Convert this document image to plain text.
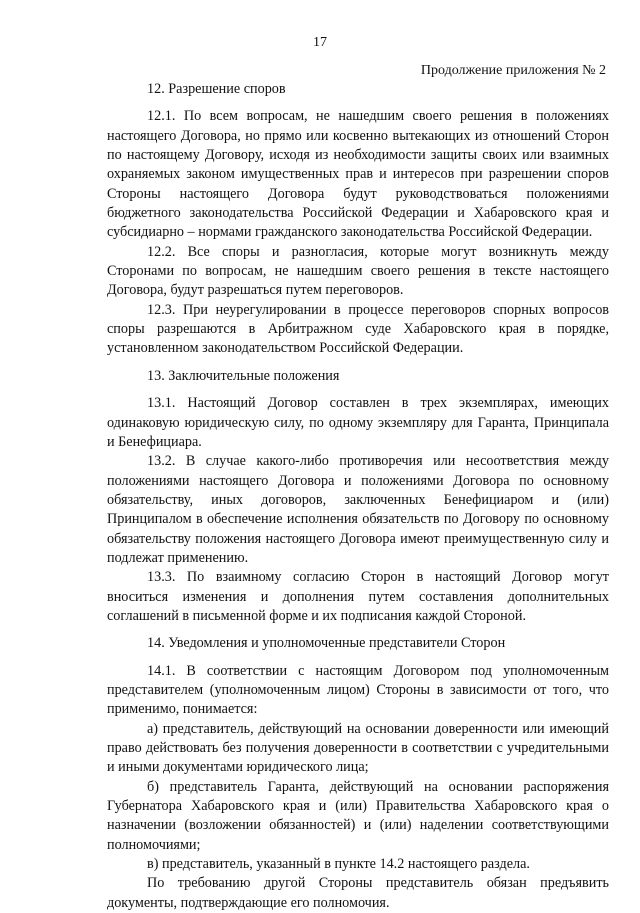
17

Продолжение приложения № 2

12. Разрешение споров

12.1. По всем вопросам, не нашедшим своего решения в положениях настоящего Договора, но прямо или косвенно вытекающих из отношений Сторон по настоящему Договору, исходя из необходимости защиты своих или взаимных охраняемых законом имущественных прав и интересов при разрешении споров Стороны настоящего Договора будут руководствоваться положениями бюджетного законодательства Российской Федерации и Хабаровского края и субсидиарно – нормами гражданского законодательства Российской Федерации.

12.2. Все споры и разногласия, которые могут возникнуть между Сторонами по вопросам, не нашедшим своего решения в тексте настоящего Договора, будут разрешаться путем переговоров.

12.3. При неурегулировании в процессе переговоров спорных вопросов споры разрешаются в Арбитражном суде Хабаровского края в порядке, установленном законодательством Российской Федерации.

13. Заключительные положения

13.1. Настоящий Договор составлен в трех экземплярах, имеющих одинаковую юридическую силу, по одному экземпляру для Гаранта, Принципала и Бенефициара.

13.2. В случае какого-либо противоречия или несоответствия между положениями настоящего Договора и положениями Договора по основному обязательству, иных договоров, заключенных Бенефициаром и (или) Принципалом в обеспечение исполнения обязательств по Договору по основному обязательству положения настоящего Договора имеют преимущественную силу и подлежат применению.

13.3. По взаимному согласию Сторон в настоящий Договор могут вноситься изменения и дополнения путем составления дополнительных соглашений в письменной форме и их подписания каждой Стороной.

14. Уведомления и уполномоченные представители Сторон

14.1. В соответствии с настоящим Договором под уполномоченным представителем (уполномоченным лицом) Стороны в зависимости от того, что применимо, понимается:

а) представитель, действующий на основании доверенности или имеющий право действовать без получения доверенности в соответствии с учредительными и иными документами юридического лица;

б) представитель Гаранта, действующий на основании распоряжения Губернатора Хабаровского края и (или) Правительства Хабаровского края о назначении (возложении обязанностей) и (или) наделении соответствующими полномочиями;

в) представитель, указанный в пункте 14.2 настоящего раздела.

По требованию другой Стороны представитель обязан предъявить документы, подтверждающие его полномочия.
